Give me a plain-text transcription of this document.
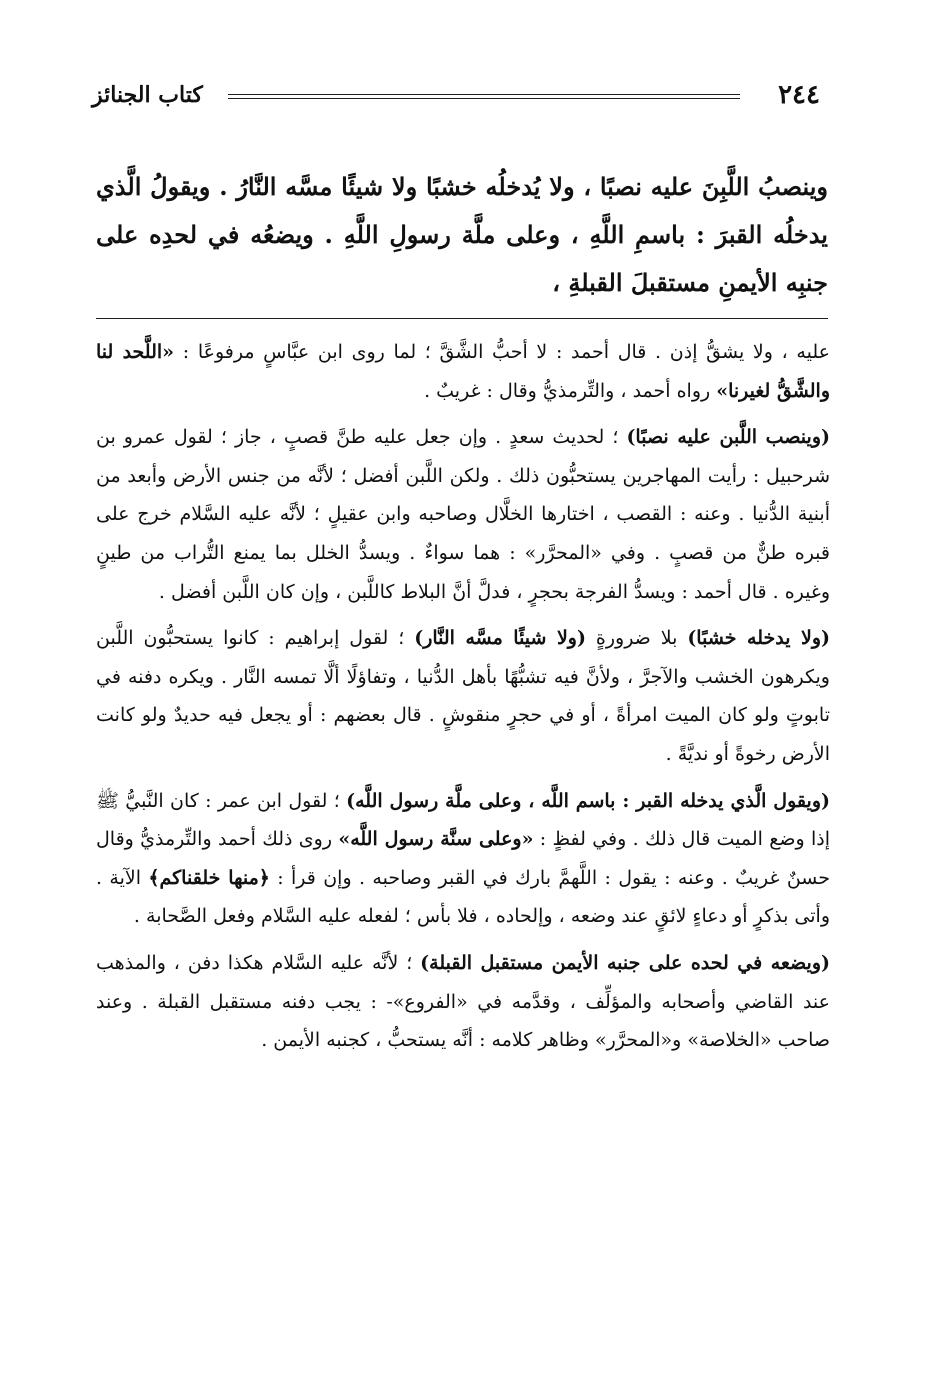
٢٤٤
كتاب الجنائز
وينصبُ اللَّبِنَ عليه نصبًا ، ولا يُدخلُه خشبًا ولا شيئًا مسَّه النَّارُ . ويقولُ الَّذي يدخلُه القبرَ : باسمِ اللَّهِ ، وعلى ملَّة رسولِ اللَّهِ . ويضعُه في لحدِه على جنبِه الأيمنِ مستقبلَ القبلةِ ،

عليه ، ولا يشقُّ إذن . قال أحمد : لا أحبُّ الشَّقَّ ؛ لما روى ابن عبَّاسٍ مرفوعًا : «اللَّحد لنا والشَّقُّ لغيرنا» رواه أحمد ، والتِّرمذيُّ وقال : غريبٌ .

(وينصب اللَّبن عليه نصبًا) ؛ لحديث سعدٍ . وإن جعل عليه طنَّ قصبٍ ، جاز ؛ لقول عمرو بن شرحبيل : رأيت المهاجرين يستحبُّون ذلك . ولكن اللَّبن أفضل ؛ لأنَّه من جنس الأرض وأبعد من أبنية الدُّنيا . وعنه : القصب ، اختارها الخلَّال وصاحبه وابن عقيلٍ ؛ لأنَّه عليه السَّلام خرج على قبره طنٌّ من قصبٍ . وفي «المحرَّر» : هما سواءٌ . ويسدُّ الخلل بما يمنع التُّراب من طينٍ وغيره . قال أحمد : ويسدُّ الفرجة بحجرٍ ، فدلَّ أنَّ البلاط كاللَّبن ، وإن كان اللَّبن أفضل .

(ولا يدخله خشبًا) بلا ضرورةٍ (ولا شيئًا مسَّه النَّار) ؛ لقول إبراهيم : كانوا يستحبُّون اللَّبن ويكرهون الخشب والآجرَّ ، ولأنَّ فيه تشبُّهًا بأهل الدُّنيا ، وتفاؤلًا ألَّا تمسه النَّار . ويكره دفنه في تابوتٍ ولو كان الميت امرأةً ، أو في حجرٍ منقوشٍ . قال بعضهم : أو يجعل فيه حديدٌ ولو كانت الأرض رخوةً أو نديَّةً .

(ويقول الَّذي يدخله القبر : باسم اللَّه ، وعلى ملَّة رسول اللَّه) ؛ لقول ابن عمر : كان النَّبيُّ ﷺ إذا وضع الميت قال ذلك . وفي لفظٍ : «وعلى سنَّة رسول اللَّه» روى ذلك أحمد والتِّرمذيُّ وقال حسنٌ غريبٌ . وعنه : يقول : اللَّهمَّ بارك في القبر وصاحبه . وإن قرأ : ﴿منها خلقناكم﴾ الآية . وأتى بذكرٍ أو دعاءٍ لائقٍ عند وضعه ، وإلحاده ، فلا بأس ؛ لفعله عليه السَّلام وفعل الصَّحابة .

(ويضعه في لحده على جنبه الأيمن مستقبل القبلة) ؛ لأنَّه عليه السَّلام هكذا دفن ، والمذهب عند القاضي وأصحابه والمؤلِّف ، وقدَّمه في «الفروع»- : يجب دفنه مستقبل القبلة . وعند صاحب «الخلاصة» و«المحرَّر» وظاهر كلامه : أنَّه يستحبُّ ، كجنبه الأيمن .
